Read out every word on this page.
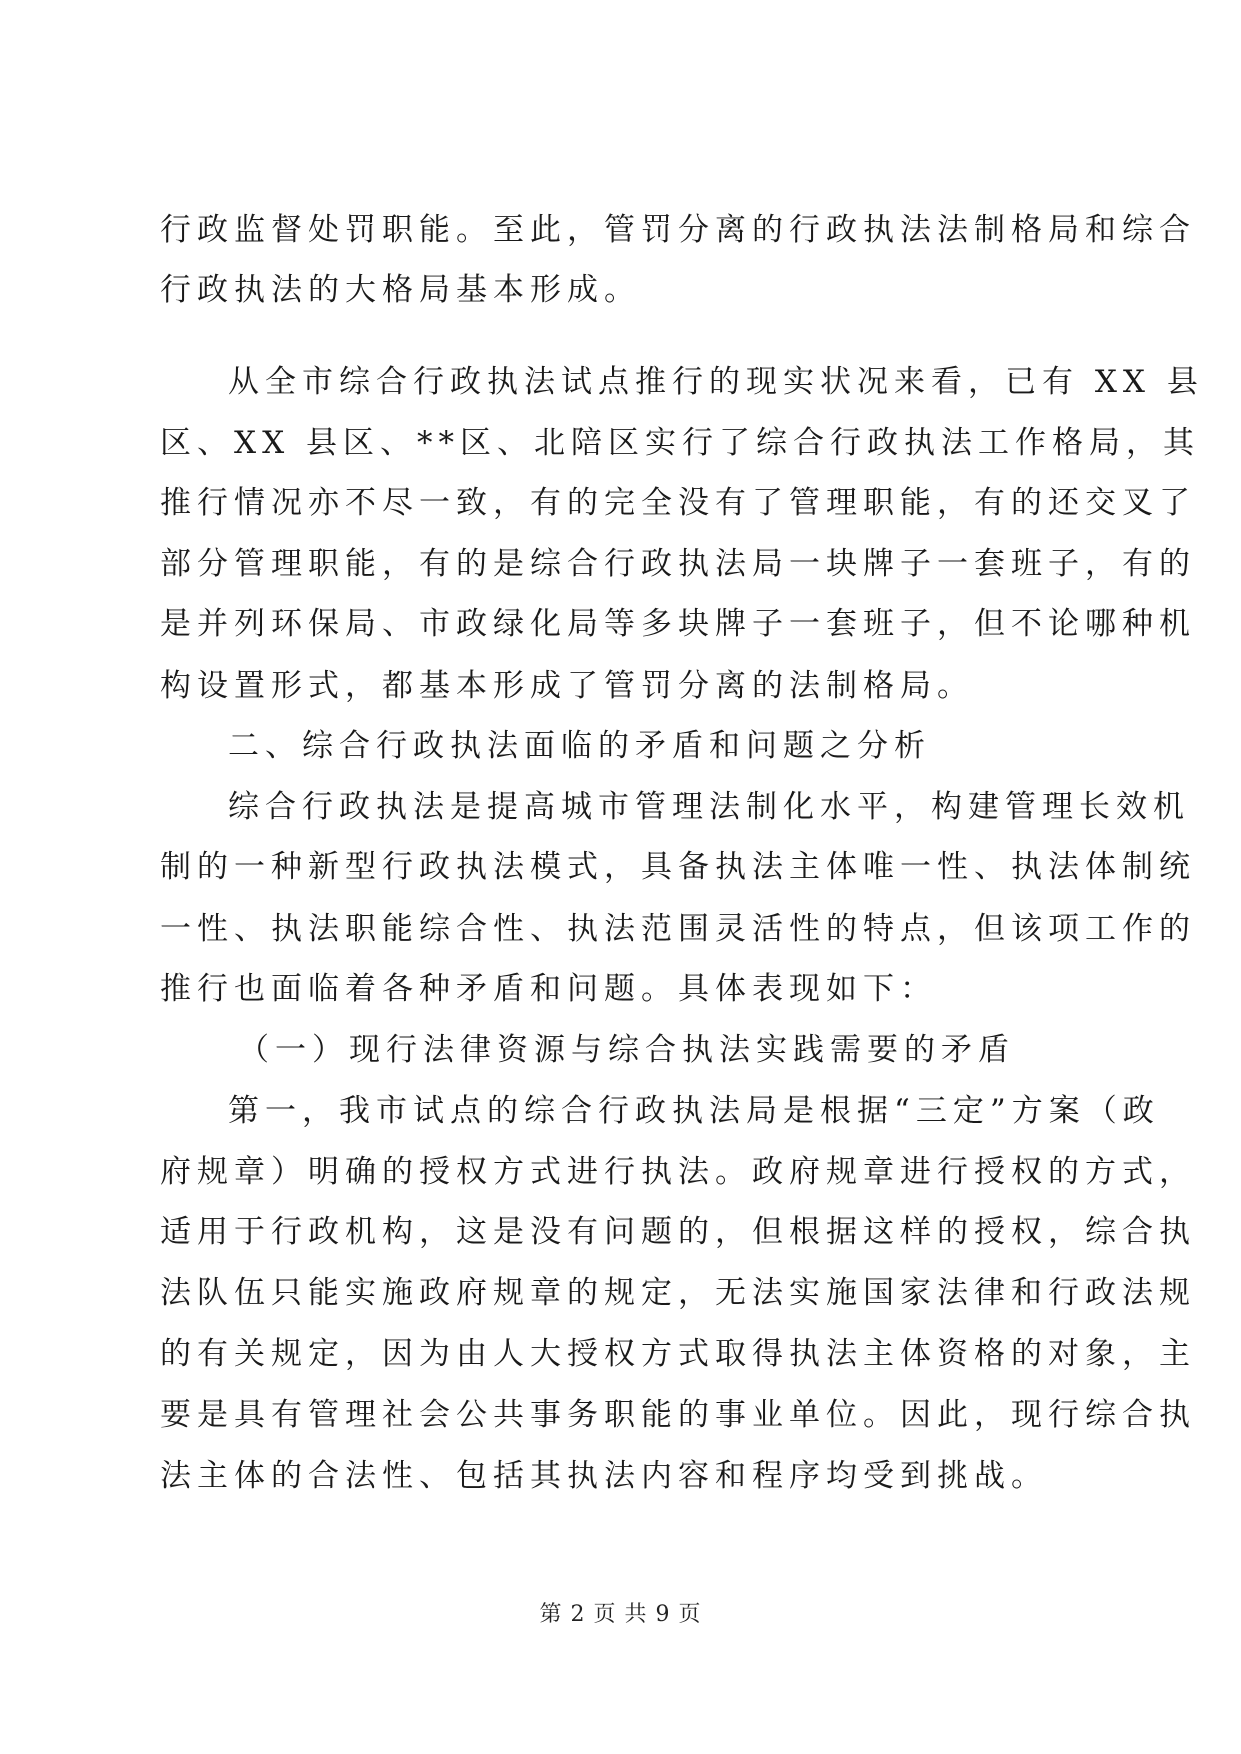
行政监督处罚职能。至此，管罚分离的行政执法法制格局和综合
行政执法的大格局基本形成。
从全市综合行政执法试点推行的现实状况来看，已有 XX 县
区、XX 县区、**区、北陪区实行了综合行政执法工作格局，其
推行情况亦不尽一致，有的完全没有了管理职能，有的还交叉了
部分管理职能，有的是综合行政执法局一块牌子一套班子，有的
是并列环保局、市政绿化局等多块牌子一套班子，但不论哪种机
构设置形式，都基本形成了管罚分离的法制格局。
二、综合行政执法面临的矛盾和问题之分析
综合行政执法是提高城市管理法制化水平，构建管理长效机
制的一种新型行政执法模式，具备执法主体唯一性、执法体制统
一性、执法职能综合性、执法范围灵活性的特点，但该项工作的
推行也面临着各种矛盾和问题。具体表现如下：
（一）现行法律资源与综合执法实践需要的矛盾
第一，我市试点的综合行政执法局是根据“三定”方案（政
府规章）明确的授权方式进行执法。政府规章进行授权的方式，
适用于行政机构，这是没有问题的，但根据这样的授权，综合执
法队伍只能实施政府规章的规定，无法实施国家法律和行政法规
的有关规定，因为由人大授权方式取得执法主体资格的对象，主
要是具有管理社会公共事务职能的事业单位。因此，现行综合执
法主体的合法性、包括其执法内容和程序均受到挑战。
第 2 页 共 9 页
